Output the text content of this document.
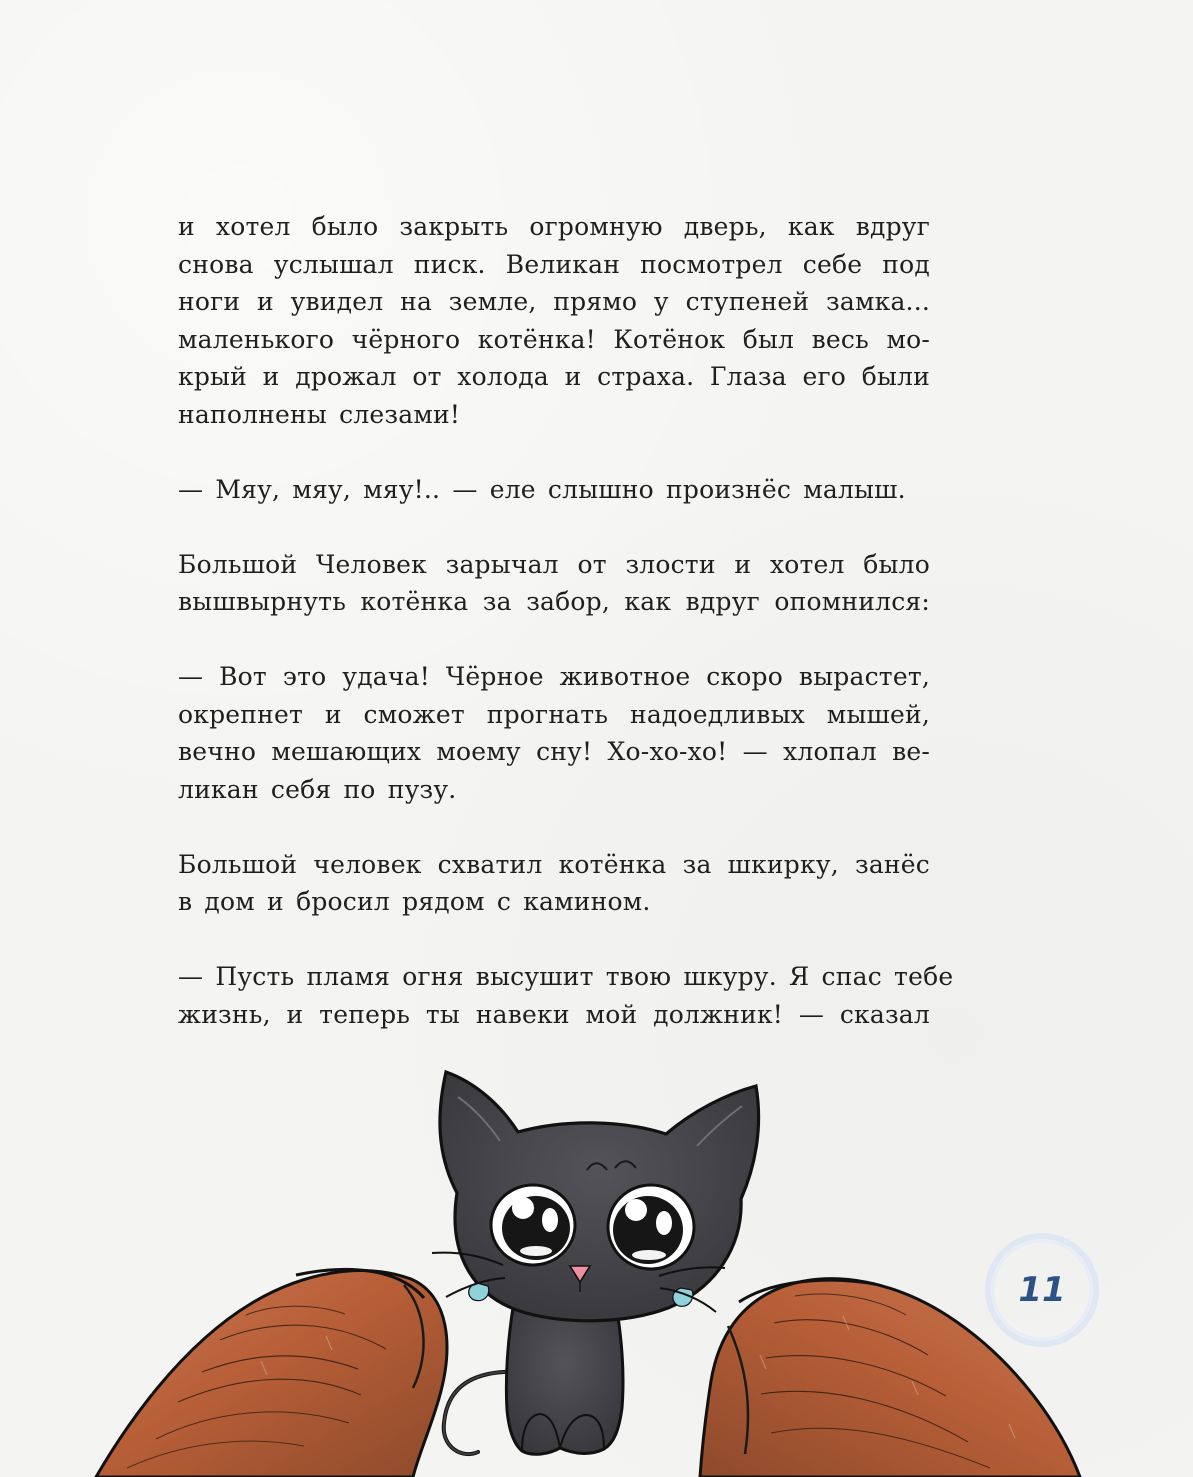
и хотел было закрыть огромную дверь, как вдруг
снова услышал писк. Великан посмотрел себе под
ноги и увидел на земле, прямо у ступеней замка...
маленького чёрного котёнка! Котёнок был весь мо-
крый и дрожал от холода и страха. Глаза его были
наполнены слезами!
— Мяу, мяу, мяу!.. — еле слышно произнёс малыш.
Большой Человек зарычал от злости и хотел было
вышвырнуть котёнка за забор, как вдруг опомнился:
— Вот это удача! Чёрное животное скоро вырастет,
окрепнет и сможет прогнать надоедливых мышей,
вечно мешающих моему сну! Хо-хо-хо! — хлопал ве-
ликан себя по пузу.
Большой человек схватил котёнка за шкирку, занёс
в дом и бросил рядом с камином.
— Пусть пламя огня высушит твою шкуру. Я спас тебе
жизнь, и теперь ты навеки мой должник! — сказал
11
